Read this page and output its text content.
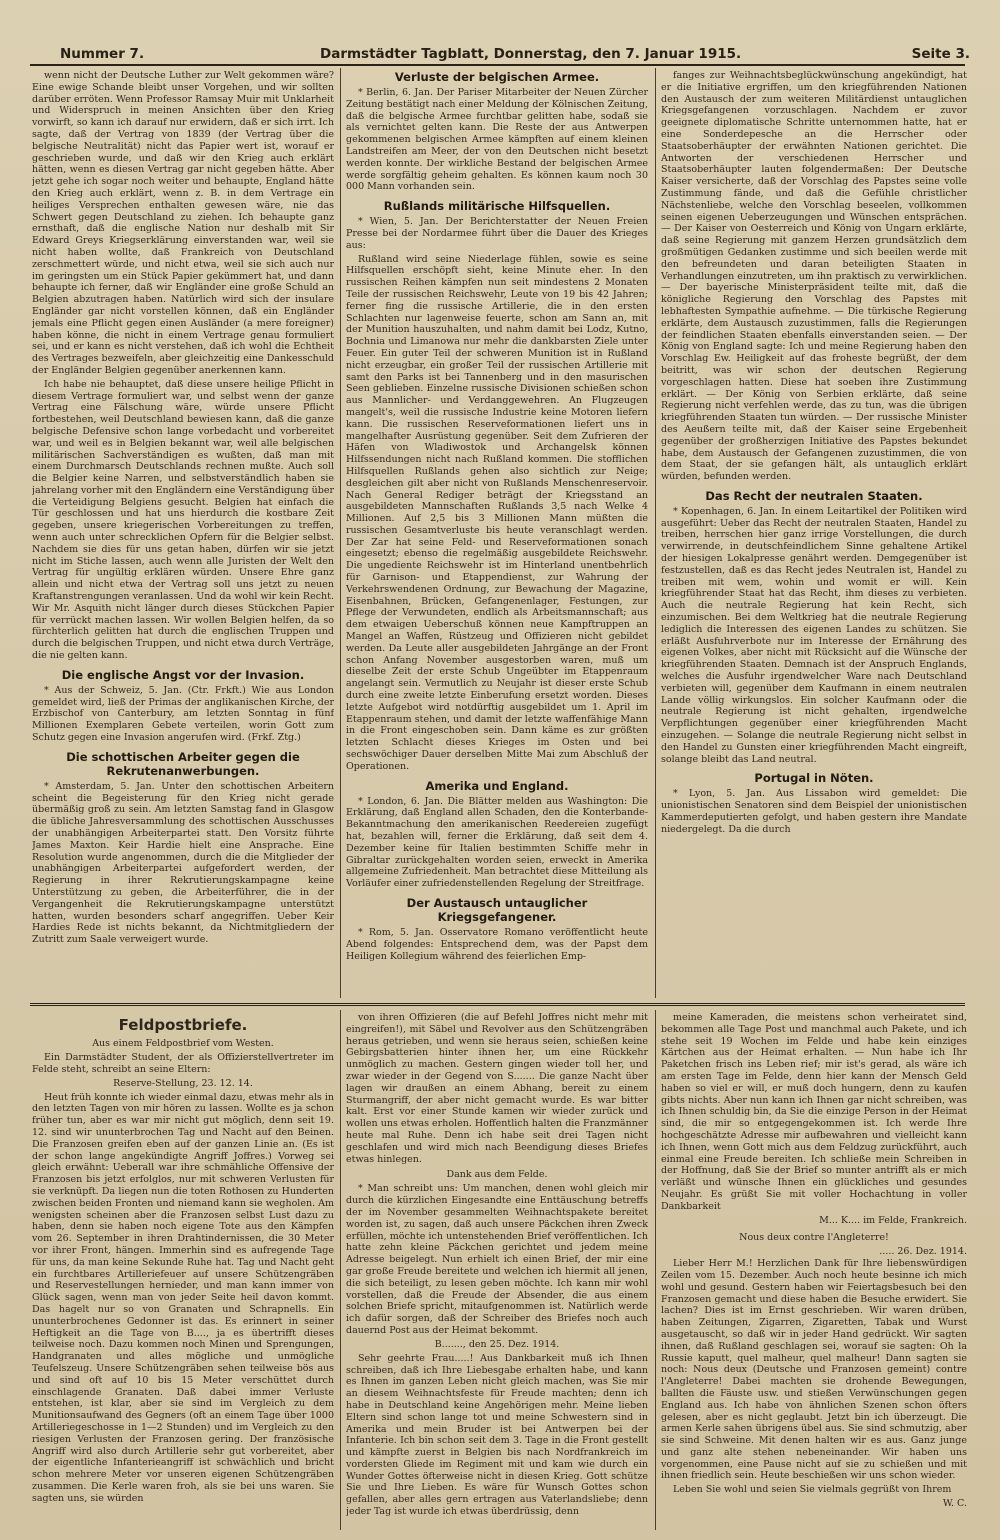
Nummer 7.	Darmstädter Tagblatt, Donnerstag, den 7. Januar 1915.	Seite 3.

wenn nicht der Deutsche Luther zur Welt gekommen wäre? Eine ewige Schande bleibt unser Vorgehen, und wir sollten darüber erröten. Wenn Professor Ramsay Muir mit Unklarheit und Widerspruch in meinen Ansichten über den Krieg vorwirft, so kann ich darauf nur erwidern, daß er sich irrt. Ich sagte, daß der Vertrag von 1839 (der Vertrag über die belgische Neutralität) nicht das Papier wert ist, worauf er geschrieben wurde, und daß wir den Krieg auch erklärt hätten, wenn es diesen Vertrag gar nicht gegeben hätte. Aber jetzt gehe ich sogar noch weiter und behaupte, England hätte den Krieg auch erklärt, wenn z. B. in dem Vertrage ein heiliges Versprechen enthalten gewesen wäre, nie das Schwert gegen Deutschland zu ziehen. Ich behaupte ganz ernsthaft, daß die englische Nation nur deshalb mit Sir Edward Greys Kriegserklärung einverstanden war, weil sie nicht haben wollte, daß Frankreich von Deutschland zerschmettert würde, und nicht etwa, weil sie sich auch nur im geringsten um ein Stück Papier gekümmert hat, und dann behaupte ich ferner, daß wir Engländer eine große Schuld an Belgien abzutragen haben. Natürlich wird sich der insulare Engländer gar nicht vorstellen können, daß ein Engländer jemals eine Pflicht gegen einen Ausländer (a mere foreigner) haben könne, die nicht in einem Vertrage genau formuliert sei, und er kann es nicht verstehen, daß ich wohl die Echtheit des Vertrages bezweifeln, aber gleichzeitig eine Dankesschuld der Engländer Belgien gegenüber anerkennen kann.

Ich habe nie behauptet, daß diese unsere heilige Pflicht in diesem Vertrage formuliert war, und selbst wenn der ganze Vertrag eine Fälschung wäre, würde unsere Pflicht fortbestehen, weil Deutschland bewiesen kann, daß die ganze belgische Defensive schon lange vorbedacht und vorbereitet war, und weil es in Belgien bekannt war, weil alle belgischen militärischen Sachverständigen es wußten, daß man mit einem Durchmarsch Deutschlands rechnen mußte. Auch soll die Belgier keine Narren, und selbstverständlich haben sie jahrelang vorher mit den Engländern eine Verständigung über die Verteidigung Belgiens gesucht. Belgien hat einfach die Tür geschlossen und hat uns hierdurch die kostbare Zeit gegeben, unsere kriegerischen Vorbereitungen zu treffen, wenn auch unter schrecklichen Opfern für die Belgier selbst. Nachdem sie dies für uns getan haben, dürfen wir sie jetzt nicht im Stiche lassen, auch wenn alle Juristen der Welt den Vertrag für ungültig erklären würden. Unsere Ehre ganz allein und nicht etwa der Vertrag soll uns jetzt zu neuen Kraftanstrengungen veranlassen. Und da wohl wir kein Recht. Wir Mr. Asquith nicht länger durch dieses Stückchen Papier für verrückt machen lassen. Wir wollen Belgien helfen, da so fürchterlich gelitten hat durch die englischen Truppen und durch die belgischen Truppen, und nicht etwa durch Verträge, die nie gelten kann.

Die englische Angst vor der Invasion.

* Aus der Schweiz, 5. Jan. (Ctr. Frkft.) Wie aus London gemeldet wird, ließ der Primas der anglikanischen Kirche, der Erzbischof von Canterbury, am letzten Sonntag in fünf Millionen Exemplaren Gebete verteilen, worin Gott zum Schutz gegen eine Invasion angerufen wird. (Frkf. Ztg.)

Die schottischen Arbeiter gegen die Rekrutenanwerbungen.

* Amsterdam, 5. Jan. Unter den schottischen Arbeitern scheint die Begeisterung für den Krieg nicht gerade übermäßig groß zu sein. Am letzten Samstag fand in Glasgow die übliche Jahresversammlung des schottischen Ausschusses der unabhängigen Arbeiterpartei statt. Den Vorsitz führte James Maxton. Keir Hardie hielt eine Ansprache. Eine Resolution wurde angenommen, durch die die Mitglieder der unabhängigen Arbeiterpartei aufgefordert werden, der Regierung in ihrer Rekrutierungskampagne keine Unterstützung zu geben, die Arbeiterführer, die in der Vergangenheit die Rekrutierungskampagne unterstützt hatten, wurden besonders scharf angegriffen. Ueber Keir Hardies Rede ist nichts bekannt, da Nichtmitgliedern der Zutritt zum Saale verweigert wurde.

Verluste der belgischen Armee.

* Berlin, 6. Jan. Der Pariser Mitarbeiter der Neuen Zürcher Zeitung bestätigt nach einer Meldung der Kölnischen Zeitung, daß die belgische Armee furchtbar gelitten habe, sodaß sie als vernichtet gelten kann. Die Reste der aus Antwerpen gekommenen belgischen Armee kämpften auf einem kleinen Landstreifen am Meer, der von den Deutschen nicht besetzt werden konnte. Der wirkliche Bestand der belgischen Armee werde sorgfältig geheim gehalten. Es können kaum noch 30 000 Mann vorhanden sein.

Rußlands militärische Hilfsquellen.

* Wien, 5. Jan. Der Berichterstatter der Neuen Freien Presse bei der Nordarmee führt über die Dauer des Krieges aus:

Rußland wird seine Niederlage fühlen, sowie es seine Hilfsquellen erschöpft sieht, keine Minute eher. In den russischen Reihen kämpfen nun seit mindestens 2 Monaten Teile der russischen Reichswehr, Leute von 19 bis 42 Jahren; ferner fing die russische Artillerie, die in den ersten Schlachten nur lagenweise feuerte, schon am Sann an, mit der Munition hauszuhalten, und nahm damit bei Lodz, Kutno, Bochnia und Limanowa nur mehr die dankbarsten Ziele unter Feuer. Ein guter Teil der schweren Munition ist in Rußland nicht erzeugbar, ein großer Teil der russischen Artillerie mit samt den Parks ist bei Tannenberg und in den masurischen Seen geblieben. Einzelne russische Divisionen schießen schon aus Mannlicher- und Verdanggewehren. An Flugzeugen mangelt's, weil die russische Industrie keine Motoren liefern kann. Die russischen Reserveformationen liefert uns in mangelhafter Ausrüstung gegenüber. Seit dem Zufrieren der Häfen von Wladiwostok und Archangelsk können Hilfssendungen nicht nach Rußland kommen. Die stofflichen Hilfsquellen Rußlands gehen also sichtlich zur Neige; desgleichen gilt aber nicht von Rußlands Menschenreservoir. Nach General Rediger beträgt der Kriegsstand an ausgebildeten Mannschaften Rußlands 3,5 nach Welke 4 Millionen. Auf 2,5 bis 3 Millionen Mann müßten die russischen Gesamtverluste bis heute veranschlagt werden. Der Zar hat seine Feld- und Reserveformationen sonach eingesetzt; ebenso die regelmäßig ausgebildete Reichswehr. Die ungediente Reichswehr ist im Hinterland unentbehrlich für Garnison- und Etappendienst, zur Wahrung der Verkehrswendenen Ordnung, zur Bewachung der Magazine, Eisenbahnen, Brücken, Gefangenenlager, Festungen, zur Pflege der Verwundeten, endlich als Arbeitsmannschaft; aus dem etwaigen Ueberschuß können neue Kampftruppen an Mangel an Waffen, Rüstzeug und Offizieren nicht gebildet werden. Da Leute aller ausgebildeten Jahrgänge an der Front schon Anfang November ausgestorben waren, muß um dieselbe Zeit der erste Schub Ungeübter im Etappenraum angelangt sein. Vermutlich zu Neujahr ist dieser erste Schub durch eine zweite letzte Einberufung ersetzt worden. Dieses letzte Aufgebot wird notdürftig ausgebildet um 1. April im Etappenraum stehen, und damit der letzte waffenfähige Mann in die Front eingeschoben sein. Dann käme es zur größten letzten Schlacht dieses Krieges im Osten und bei sechswöchiger Dauer derselben Mitte Mai zum Abschluß der Operationen.

Amerika und England.

* London, 6. Jan. Die Blätter melden aus Washington: Die Erklärung, daß England allen Schaden, den die Konterbande-Bekanntmachung den amerikanischen Reedereien zugefügt hat, bezahlen will, ferner die Erklärung, daß seit dem 4. Dezember keine für Italien bestimmten Schiffe mehr in Gibraltar zurückgehalten worden seien, erweckt in Amerika allgemeine Zufriedenheit. Man betrachtet diese Mitteilung als Vorläufer einer zufriedenstellenden Regelung der Streitfrage.

Der Austausch untauglicher Kriegsgefangener.

* Rom, 5. Jan. Osservatore Romano veröffentlicht heute Abend folgendes: Entsprechend dem, was der Papst dem Heiligen Kollegium während des feierlichen Emp-

fanges zur Weihnachtsbeglückwünschung angekündigt, hat er die Initiative ergriffen, um den kriegführenden Nationen den Austausch der zum weiteren Militärdienst untauglichen Kriegsgefangenen vorzuschlagen. Nachdem er zuvor geeignete diplomatische Schritte unternommen hatte, hat er eine Sonderdepesche an die Herrscher oder Staatsoberhäupter der erwähnten Nationen gerichtet. Die Antworten der verschiedenen Herrscher und Staatsoberhäupter lauten folgendermaßen: Der Deutsche Kaiser versicherte, daß der Vorschlag des Papstes seine volle Zustimmung fände, und daß die Gefühle christlicher Nächstenliebe, welche den Vorschlag beseelen, vollkommen seinen eigenen Ueberzeugungen und Wünschen entsprächen. — Der Kaiser von Oesterreich und König von Ungarn erklärte, daß seine Regierung mit ganzem Herzen grundsätzlich dem großmütigen Gedanken zustimme und sich beeilen werde mit den befreundeten und daran beteiligten Staaten in Verhandlungen einzutreten, um ihn praktisch zu verwirklichen. — Der bayerische Ministerpräsident teilte mit, daß die königliche Regierung den Vorschlag des Papstes mit lebhaftesten Sympathie aufnehme. — Die türkische Regierung erklärte, dem Austausch zuzustimmen, falls die Regierungen der feindlichen Staaten ebenfalls einverstanden seien. — Der König von England sagte: Ich und meine Regierung haben den Vorschlag Ew. Heiligkeit auf das froheste begrüßt, der dem beitritt, was wir schon der deutschen Regierung vorgeschlagen hatten. Diese hat soeben ihre Zustimmung erklärt. — Der König von Serbien erklärte, daß seine Regierung nicht verfehlen werde, das zu tun, was die übrigen kriegführenden Staaten tun würden. — Der russische Minister des Aeußern teilte mit, daß der Kaiser seine Ergebenheit gegenüber der großherzigen Initiative des Papstes bekundet habe, dem Austausch der Gefangenen zuzustimmen, die von dem Staat, der sie gefangen hält, als untauglich erklärt würden, befunden werden.

Das Recht der neutralen Staaten.

* Kopenhagen, 6. Jan. In einem Leitartikel der Politiken wird ausgeführt: Ueber das Recht der neutralen Staaten, Handel zu treiben, herrschen hier ganz irrige Vorstellungen, die durch verwirrende, in deutschfeindlichem Sinne gehaltene Artikel der hiesigen Lokalpresse genährt werden. Demgegenüber ist festzustellen, daß es das Recht jedes Neutralen ist, Handel zu treiben mit wem, wohin und womit er will. Kein kriegführender Staat hat das Recht, ihm dieses zu verbieten. Auch die neutrale Regierung hat kein Recht, sich einzumischen. Bei dem Weltkrieg hat die neutrale Regierung lediglich die Interessen des eigenen Landes zu schützen. Sie erläßt Ausfuhrverbote nur im Interesse der Ernährung des eigenen Volkes, aber nicht mit Rücksicht auf die Wünsche der kriegführenden Staaten. Demnach ist der Anspruch Englands, welches die Ausfuhr irgendwelcher Ware nach Deutschland verbieten will, gegenüber dem Kaufmann in einem neutralen Lande völlig wirkungslos. Ein solcher Kaufmann oder die neutrale Regierung ist nicht gehalten, irgendwelche Verpflichtungen gegenüber einer kriegführenden Macht einzugehen. — Solange die neutrale Regierung nicht selbst in den Handel zu Gunsten einer kriegführenden Macht eingreift, solange bleibt das Land neutral.

Portugal in Nöten.

* Lyon, 5. Jan. Aus Lissabon wird gemeldet: Die unionistischen Senatoren sind dem Beispiel der unionistischen Kammerdeputierten gefolgt, und haben gestern ihre Mandate niedergelegt. Da die durch

Feldpostbriefe.
Aus einem Feldpostbrief vom Westen.

Ein Darmstädter Student, der als Offizierstellvertreter im Felde steht, schreibt an seine Eltern:

Reserve-Stellung, 23. 12. 14.

Heut früh konnte ich wieder einmal dazu, etwas mehr als in den letzten Tagen von mir hören zu lassen. Wollte es ja schon früher tun, aber es war mir nicht gut möglich, denn seit 19. 12. sind wir ununterbrochen Tag und Nacht auf den Beinen. Die Franzosen greifen eben auf der ganzen Linie an. (Es ist der schon lange angekündigte Angriff Joffres.) Vorweg sei gleich erwähnt: Ueberall war ihre schmähliche Offensive der Franzosen bis jetzt erfolglos, nur mit schweren Verlusten für sie verknüpft. Da liegen nun die toten Rothosen zu Hunderten zwischen beiden Fronten und niemand kann sie wegholen. Am wenigsten scheinen aber die Franzosen selbst Lust dazu zu haben, denn sie haben noch eigene Tote aus den Kämpfen vom 26. September in ihren Drahtindernissen, die 30 Meter vor ihrer Front, hängen. Immerhin sind es aufregende Tage für uns, da man keine Sekunde Ruhe hat. Tag und Nacht geht ein furchtbares Artilleriefeuer auf unsere Schützengräben und Reservestellungen hernieder, und man kann immer von Glück sagen, wenn man von jeder Seite heil davon kommt. Das hagelt nur so von Granaten und Schrapnells. Ein ununterbrochenes Gedonner ist das. Es erinnert in seiner Heftigkeit an die Tage von B...., ja es übertrifft dieses teilweise noch. Dazu kommen noch Minen und Sprengungen, Handgranaten und alles mögliche und unmögliche Teufelszeug. Unsere Schützengräben sehen teilweise bös aus und sind oft auf 10 bis 15 Meter verschüttet durch einschlagende Granaten. Daß dabei immer Verluste entstehen, ist klar, aber sie sind im Vergleich zu dem Munitionsaufwand des Gegners (oft an einem Tage über 1000 Artilleriegeschosse in 1—2 Stunden) und im Vergleich zu den riesigen Verlusten der Franzosen gering. Der französische Angriff wird also durch Artillerie sehr gut vorbereitet, aber der eigentliche Infanterieangriff ist schwächlich und bricht schon mehrere Meter vor unseren eigenen Schützengräben zusammen. Die Kerle waren froh, als sie bei uns waren. Sie sagten uns, sie würden

von ihren Offizieren (die auf Befehl Joffres nicht mehr mit eingreifen!), mit Säbel und Revolver aus den Schützengräben heraus getrieben, und wenn sie heraus seien, schießen keine Gebirgsbatterien hinter ihnen her, um eine Rückkehr unmöglich zu machen. Gestern gingen wieder toll her, und zwar wieder in der Gegend von S....... Die ganze Nacht über lagen wir draußen an einem Abhang, bereit zu einem Sturmangriff, der aber nicht gemacht wurde. Es war bitter kalt. Erst vor einer Stunde kamen wir wieder zurück und wollen uns etwas erholen. Hoffentlich halten die Franzmänner heute mal Ruhe. Denn ich habe seit drei Tagen nicht geschlafen und wird mich nach Beendigung dieses Briefes etwas hinlegen.

Dank aus dem Felde.

* Man schreibt uns: Um manchen, denen wohl gleich mir durch die kürzlichen Eingesandte eine Enttäuschung betreffs der im November gesammelten Weihnachtspakete bereitet worden ist, zu sagen, daß auch unsere Päckchen ihren Zweck erfüllen, möchte ich untenstehenden Brief veröffentlichen. Ich hatte zehn kleine Päckchen gerichtet und jedem meine Adresse beigelegt. Nun erhielt ich einen Brief, der mir eine gar große Freude bereitete und welchen ich hiermit all jenen, die sich beteiligt, zu lesen geben möchte. Ich kann mir wohl vorstellen, daß die Freude der Absender, die aus einem solchen Briefe spricht, mitaufgenommen ist. Natürlich werde ich dafür sorgen, daß der Schreiber des Briefes noch auch dauernd Post aus der Heimat bekommt.

B......., den 25. Dez. 1914.

Sehr geehrte Frau.....! Aus Dankbarkeit muß ich Ihnen schreiben, daß ich Ihre Liebesgabe erhalten habe, und kann es Ihnen im ganzen Leben nicht gleich machen, was Sie mir an diesem Weihnachtsfeste für Freude machten; denn ich habe in Deutschland keine Angehörigen mehr. Meine lieben Eltern sind schon lange tot und meine Schwestern sind in Amerika und mein Bruder ist bei Antwerpen bei der Infanterie. Ich bin schon seit dem 3. Tage in die Front gestellt und kämpfte zuerst in Belgien bis nach Nordfrankreich im vordersten Gliede im Regiment mit und kam wie durch ein Wunder Gottes öfterweise nicht in diesen Krieg. Gott schütze Sie und Ihre Lieben. Es wäre für Wunsch Gottes schon gefallen, aber alles gern ertragen aus Vaterlandsliebe; denn jeder Tag ist wurde ich etwas überdrüssig, denn

meine Kameraden, die meistens schon verheiratet sind, bekommen alle Tage Post und manchmal auch Pakete, und ich stehe seit 19 Wochen im Felde und habe kein einziges Kärtchen aus der Heimat erhalten. — Nun habe ich Ihr Paketchen frisch ins Leben rief; mir ist's gerad, als wäre ich am ersten Tage im Felde, denn hier kann der Mensch Geld haben so viel er will, er muß doch hungern, denn zu kaufen gibts nichts. Aber nun kann ich Ihnen gar nicht schreiben, was ich Ihnen schuldig bin, da Sie die einzige Person in der Heimat sind, die mir so entgegengekommen ist. Ich werde Ihre hochgeschätzte Adresse mir aufbewahren und vielleicht kann ich Ihnen, wenn Gott mich aus dem Feldzug zurückführt, auch einmal eine Freude bereiten. Ich schließe mein Schreiben in der Hoffnung, daß Sie der Brief so munter antrifft als er mich verläßt und wünsche Ihnen ein glückliches und gesundes Neujahr. Es grüßt Sie mit voller Hochachtung in voller Dankbarkeit

M... K.... im Felde, Frankreich.
Nous deux contre l'Angleterre!
..... 26. Dez. 1914.

Lieber Herr M.! Herzlichen Dank für Ihre liebenswürdigen Zeilen vom 15. Dezember. Auch noch heute besinne ich mich wohl und gesund. Gestern haben wir Feiertagsbesuch bei den Franzosen gemacht und diese haben die Besuche erwidert. Sie lachen? Dies ist im Ernst geschrieben. Wir waren drüben, haben Zeitungen, Zigarren, Zigaretten, Tabak und Wurst ausgetauscht, so daß wir in jeder Hand gedrückt. Wir sagten ihnen, daß Rußland geschlagen sei, worauf sie sagten: Oh la Russie kaputt, quel malheur, quel malheur! Dann sagten sie noch: Nous deux (Deutsche und Franzosen gemeint) contre l'Angleterre! Dabei machten sie drohende Bewegungen, ballten die Fäuste usw. und stießen Verwünschungen gegen England aus. Ich habe von ähnlichen Szenen schon öfters gelesen, aber es nicht geglaubt. Jetzt bin ich überzeugt. Die armen Kerle sahen übrigens übel aus. Sie sind schmutzig, aber sie sind Schweine. Mit denen halten wir es aus. Ganz junge und ganz alte stehen nebeneinander. Wir haben uns vorgenommen, eine Pause nicht auf sie zu schießen und mit ihnen friedlich sein. Heute beschießen wir uns schon wieder.

Leben Sie wohl und seien Sie vielmals gegrüßt von Ihrem

W. C.
